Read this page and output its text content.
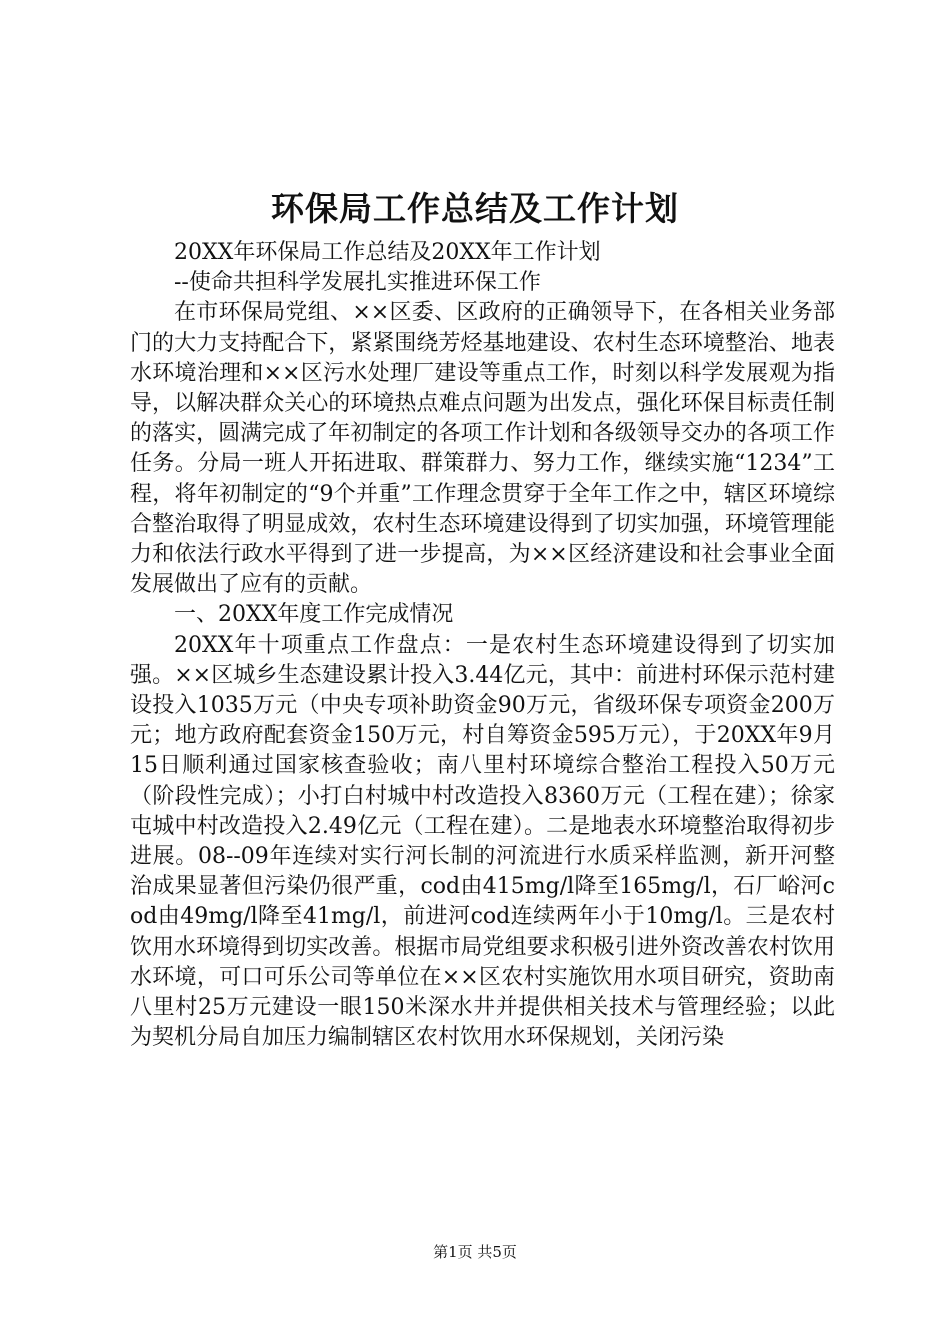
环保局工作总结及工作计划

20XX年环保局工作总结及20XX年工作计划

--使命共担科学发展扎实推进环保工作

在市环保局党组、××区委、区政府的正确领导下，在各相关业务部门的大力支持配合下，紧紧围绕芳烃基地建设、农村生态环境整治、地表水环境治理和××区污水处理厂建设等重点工作，时刻以科学发展观为指导，以解决群众关心的环境热点难点问题为出发点，强化环保目标责任制的落实，圆满完成了年初制定的各项工作计划和各级领导交办的各项工作任务。分局一班人开拓进取、群策群力、努力工作，继续实施“1234”工程，将年初制定的“9个并重”工作理念贯穿于全年工作之中，辖区环境综合整治取得了明显成效，农村生态环境建设得到了切实加强，环境管理能力和依法行政水平得到了进一步提高，为××区经济建设和社会事业全面发展做出了应有的贡献。

一、20XX年度工作完成情况

20XX年十项重点工作盘点：一是农村生态环境建设得到了切实加强。××区城乡生态建设累计投入3.44亿元，其中：前进村环保示范村建设投入1035万元（中央专项补助资金90万元，省级环保专项资金200万元；地方政府配套资金150万元，村自筹资金595万元），于20XX年9月15日顺利通过国家核查验收；南八里村环境综合整治工程投入50万元（阶段性完成）；小打白村城中村改造投入8360万元（工程在建）；徐家屯城中村改造投入2.49亿元（工程在建）。二是地表水环境整治取得初步进展。08--09年连续对实行河长制的河流进行水质采样监测，新开河整治成果显著但污染仍很严重，cod由415mg/l降至165mg/l，石厂峪河cod由49mg/l降至41mg/l，前进河cod连续两年小于10mg/l。三是农村饮用水环境得到切实改善。根据市局党组要求积极引进外资改善农村饮用水环境，可口可乐公司等单位在××区农村实施饮用水项目研究，资助南八里村25万元建设一眼150米深水井并提供相关技术与管理经验；以此为契机分局自加压力编制辖区农村饮用水环保规划，关闭污染

第1页 共5页
